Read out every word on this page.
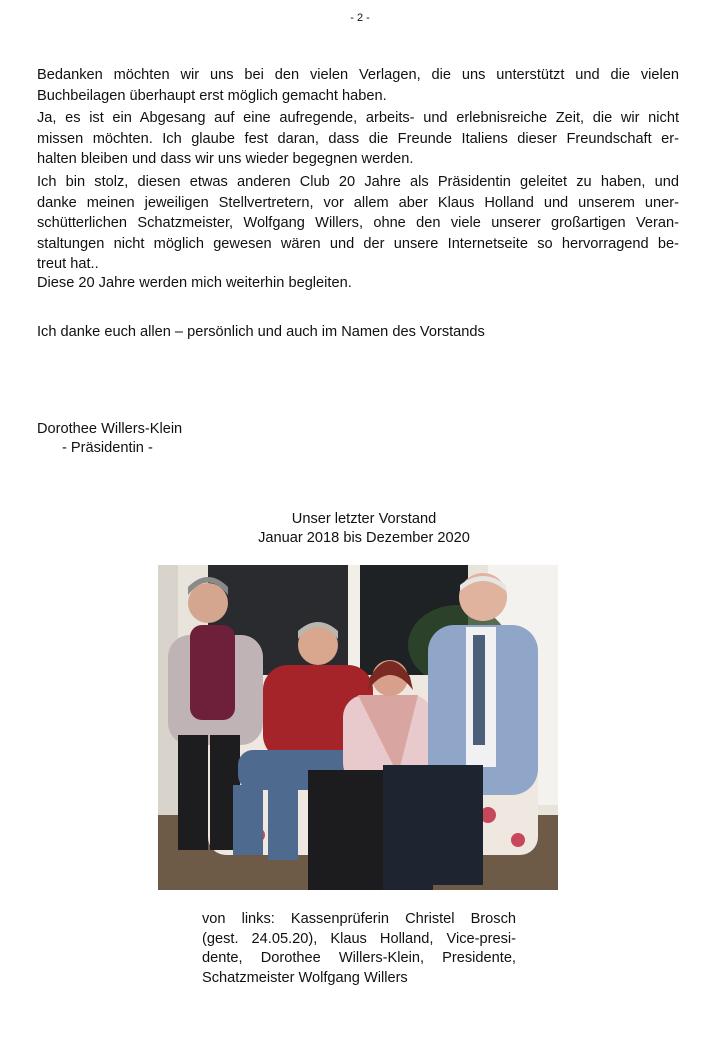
- 2 -

Bedanken möchten wir uns bei den vielen Verlagen, die uns unterstützt und die vielen
Buchbeilagen überhaupt erst möglich gemacht haben.

Ja, es ist ein Abgesang auf eine aufregende, arbeits- und erlebnisreiche Zeit, die wir nicht
missen möchten. Ich glaube fest daran, dass die Freunde Italiens dieser Freundschaft er-
halten bleiben und dass wir uns wieder begegnen werden.

Ich bin stolz, diesen etwas anderen Club 20 Jahre als Präsidentin geleitet zu haben, und
danke meinen jeweiligen Stellvertretern, vor allem aber Klaus Holland und unserem uner-
schütterlichen Schatzmeister, Wolfgang Willers, ohne den viele unserer großartigen Veran-
staltungen nicht möglich gewesen wären und der unsere Internetseite so hervorragend be-
treut hat..

Diese 20 Jahre werden mich weiterhin begleiten.

Ich danke euch allen – persönlich und auch im Namen des Vorstands

Dorothee Willers-Klein
- Präsidentin -
Unser letzter Vorstand
Januar 2018 bis Dezember 2020
von links: Kassenprüferin Christel Brosch
(gest. 24.05.20), Klaus Holland, Vice-presi-
dente, Dorothee Willers-Klein, Presidente,
Schatzmeister Wolfgang Willers
